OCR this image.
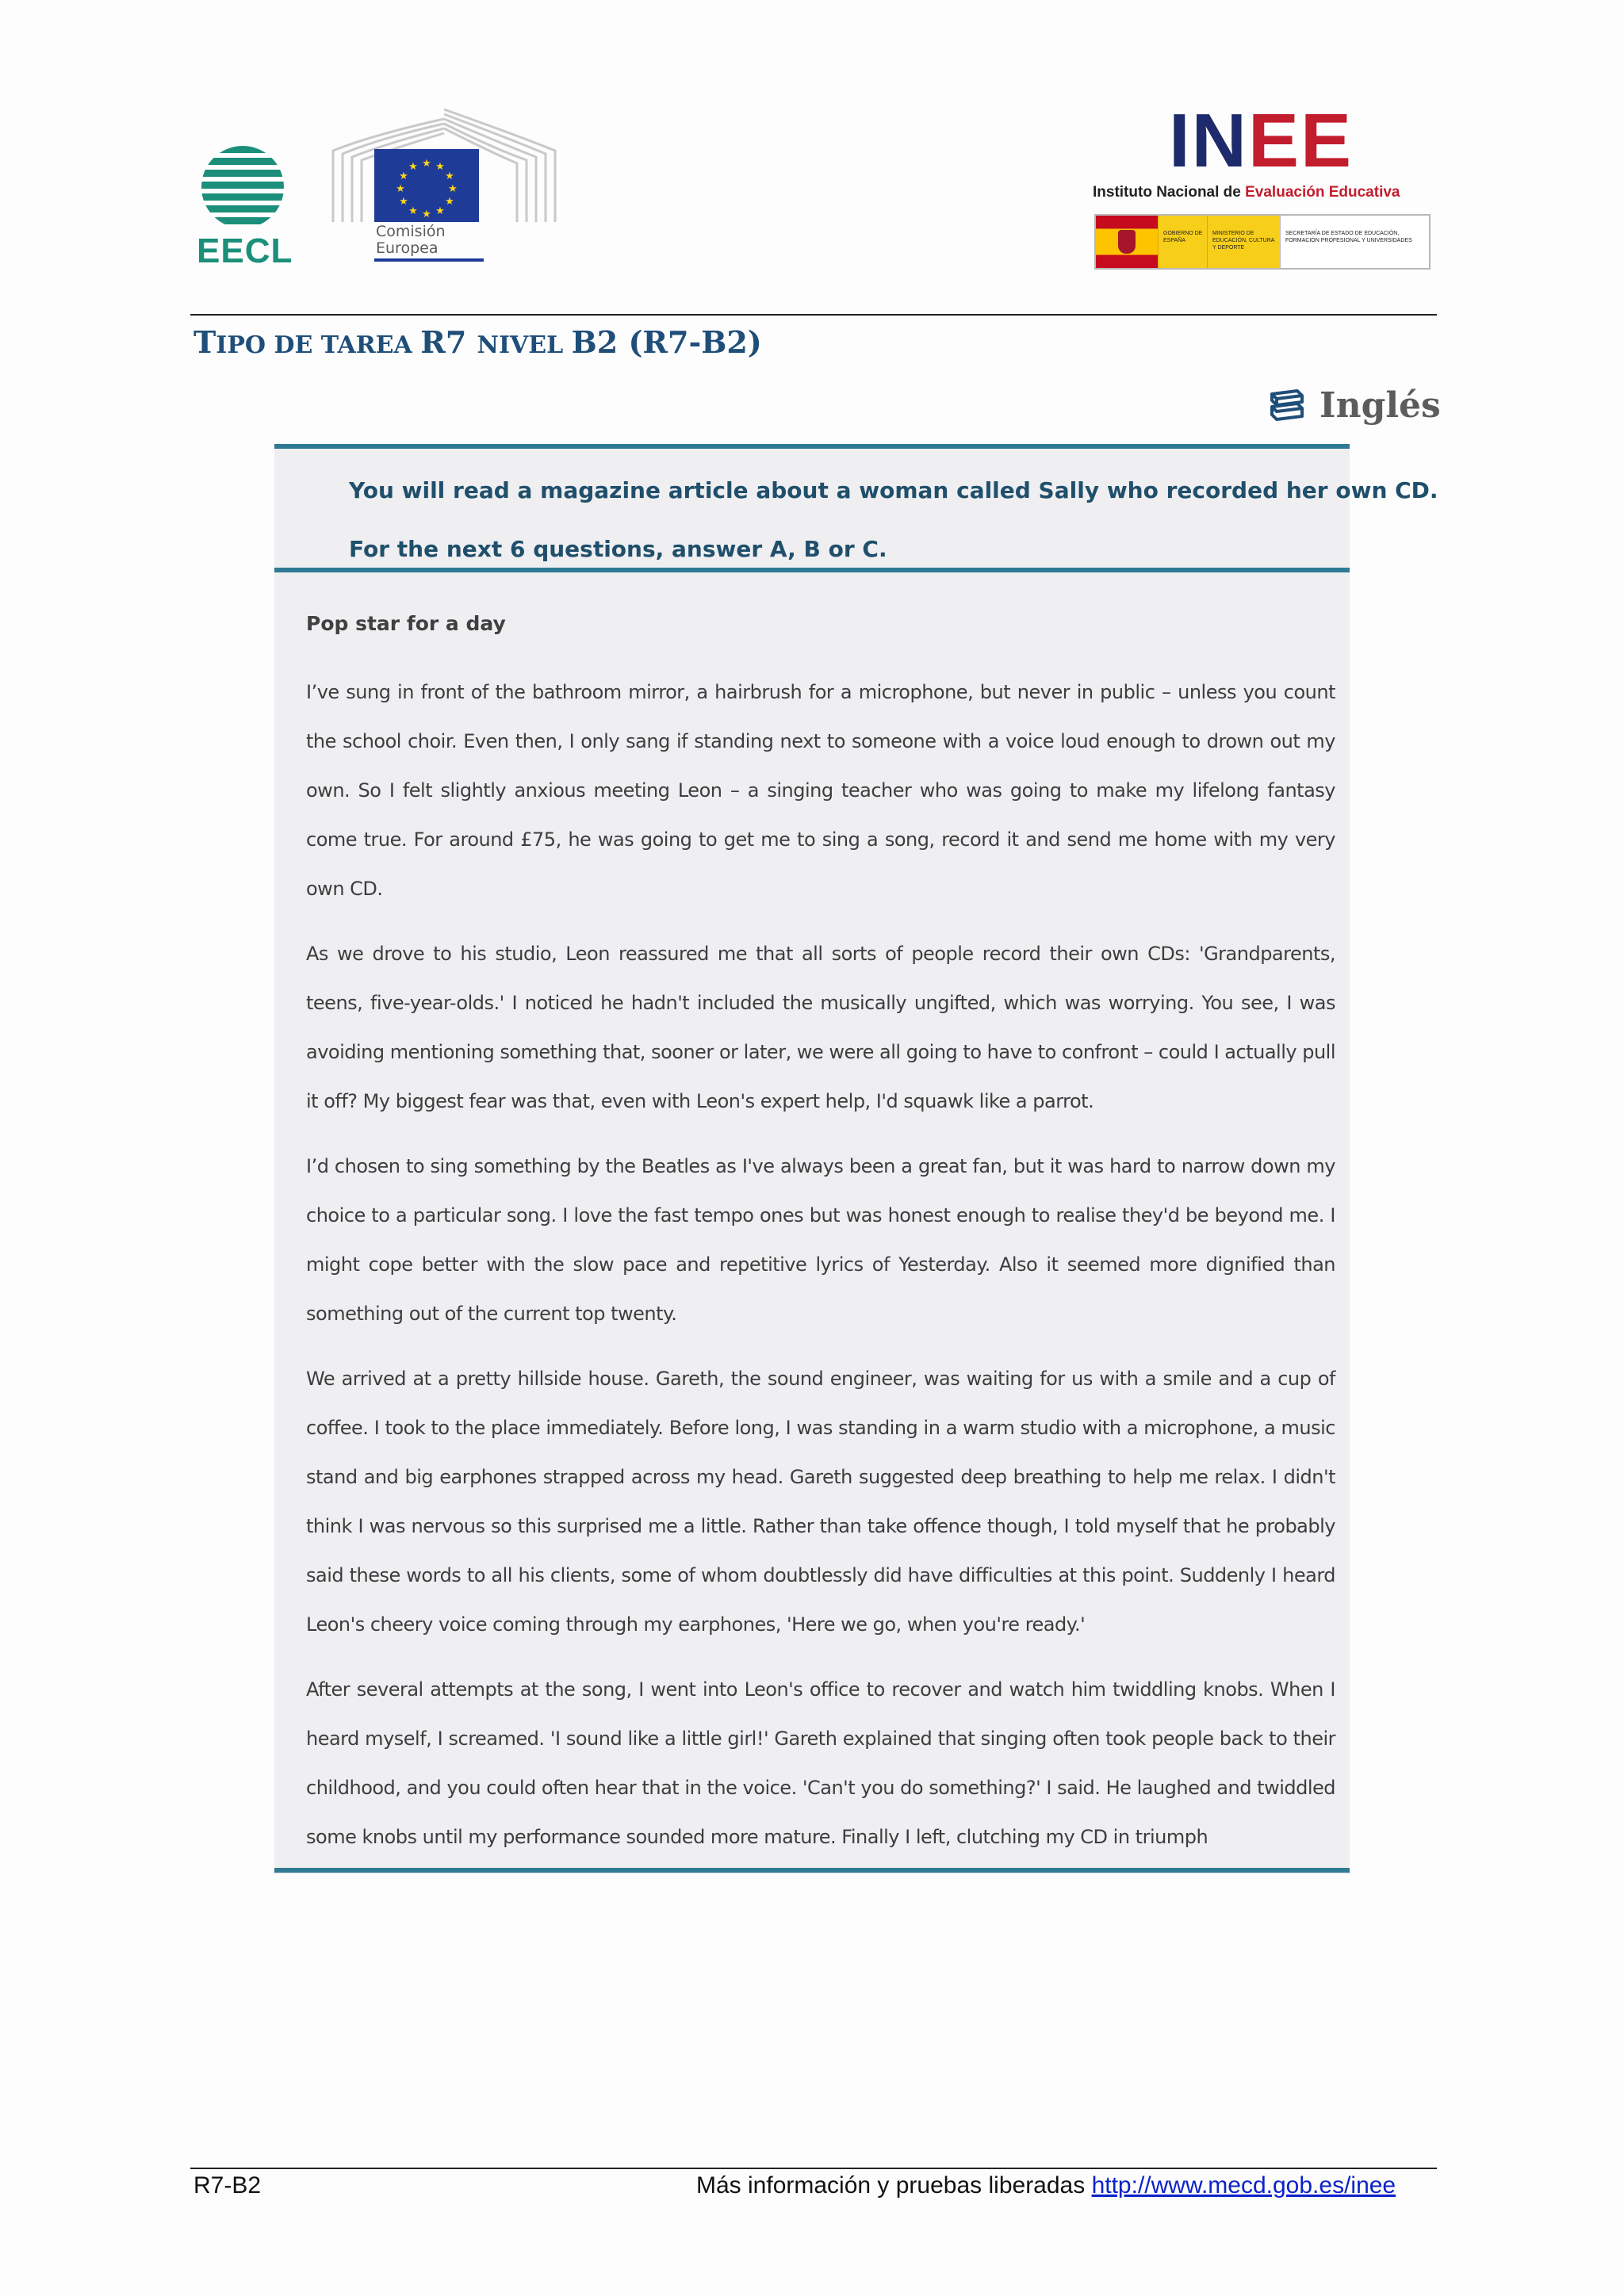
EECL
★ ★
★
★
★
★
★
★
★
★
★
★
Comisión
Europea
INEE
Instituto Nacional de Evaluación Educativa
GOBIERNO DE ESPAÑA
MINISTERIO DE EDUCACIÓN, CULTURA Y DEPORTE
SECRETARÍA DE ESTADO DE EDUCACIÓN, FORMACIÓN PROFESIONAL Y UNIVERSIDADES
TIPO DE TAREA R7 NIVEL B2 (R7-B2)
Inglés
You will read a magazine article about a woman called Sally who recorded her own CD.
For the next 6 questions, answer A, B or C.
Pop star for a day
I’ve sung in front of the bathroom mirror, a hairbrush for a microphone, but never in public – unless you count the school choir. Even then, I only sang if standing next to someone with a voice loud enough to drown out my own. So I felt slightly anxious meeting Leon – a singing teacher who was going to make my lifelong fantasy come true. For around £75, he was going to get me to sing a song, record it and send me home with my very own CD.
As we drove to his studio, Leon reassured me that all sorts of people record their own CDs: 'Grandparents, teens, five-year-olds.' I noticed he hadn't included the musically ungifted, which was worrying. You see, I was avoiding mentioning something that, sooner or later, we were all going to have to confront – could I actually pull it off? My biggest fear was that, even with Leon's expert help, I'd squawk like a parrot.
I’d chosen to sing something by the Beatles as I've always been a great fan, but it was hard to narrow down my choice to a particular song. I love the fast tempo ones but was honest enough to realise they'd be beyond me. I might cope better with the slow pace and repetitive lyrics of Yesterday. Also it seemed more dignified than something out of the current top twenty.
We arrived at a pretty hillside house. Gareth, the sound engineer, was waiting for us with a smile and a cup of coffee. I took to the place immediately. Before long, I was standing in a warm studio with a microphone, a music stand and big earphones strapped across my head. Gareth suggested deep breathing to help me relax. I didn't think I was nervous so this surprised me a little. Rather than take offence though, I told myself that he probably said these words to all his clients, some of whom doubtlessly did have difficulties at this point. Suddenly I heard Leon's cheery voice coming through my earphones, 'Here we go, when you're ready.'
After several attempts at the song, I went into Leon's office to recover and watch him twiddling knobs. When I heard myself, I screamed. 'I sound like a little girl!' Gareth explained that singing often took people back to their childhood, and you could often hear that in the voice. 'Can't you do something?' I said. He laughed and twiddled some knobs until my performance sounded more mature. Finally I left, clutching my CD in triumph
R7-B2	Más información y pruebas liberadas http://www.mecd.gob.es/inee
